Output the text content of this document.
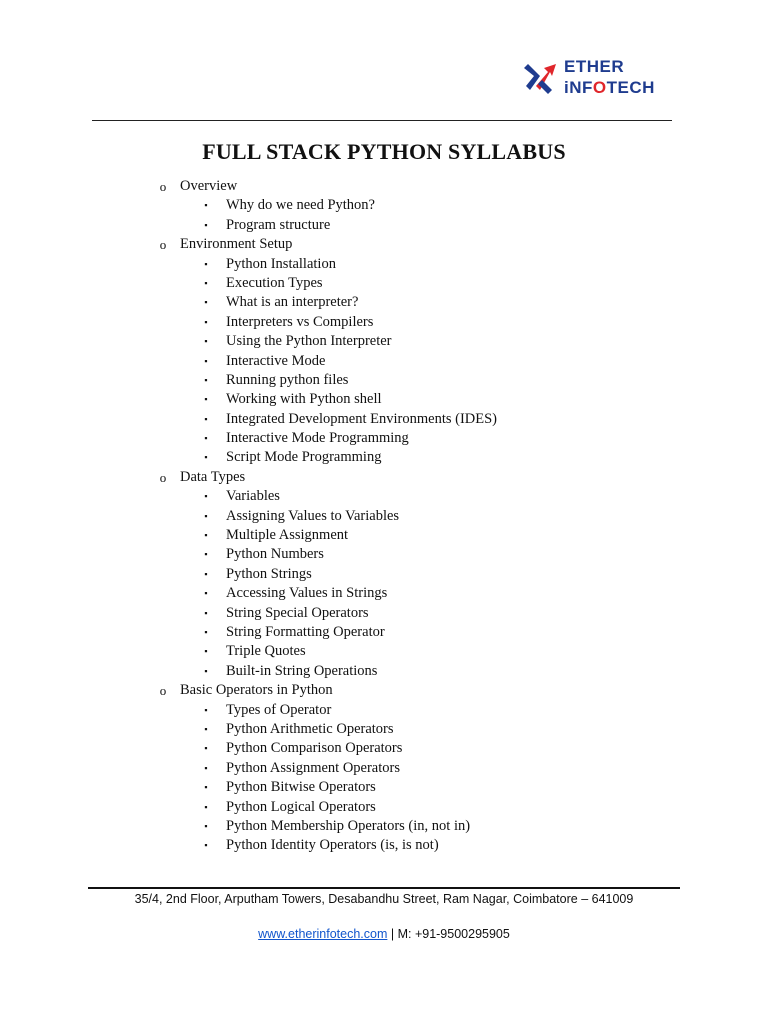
ETHER
iNFOTECH
FULL STACK PYTHON SYLLABUS
o Overview
▪	Why do we need Python?
▪	Program structure
o Environment Setup
▪	Python Installation
▪	Execution Types
▪	What is an interpreter?
▪	Interpreters vs Compilers
▪	Using the Python Interpreter
▪	Interactive Mode
▪	Running python files
▪	Working with Python shell
▪	Integrated Development Environments (IDES)
▪	Interactive Mode Programming
▪	Script Mode Programming
o Data Types
▪	Variables
▪	Assigning Values to Variables
▪	Multiple Assignment
▪	Python Numbers
▪	Python Strings
▪	Accessing Values in Strings
▪	String Special Operators
▪	String Formatting Operator
▪	Triple Quotes
▪	Built-in String Operations
o Basic Operators in Python
▪	Types of Operator
▪	Python Arithmetic Operators
▪	Python Comparison Operators
▪	Python Assignment Operators
▪	Python Bitwise Operators
▪	Python Logical Operators
▪	Python Membership Operators (in, not in)
▪	Python Identity Operators (is, is not)
35/4, 2nd Floor, Arputham Towers, Desabandhu Street, Ram Nagar, Coimbatore – 641009
www.etherinfotech.com | M: +91-9500295905
